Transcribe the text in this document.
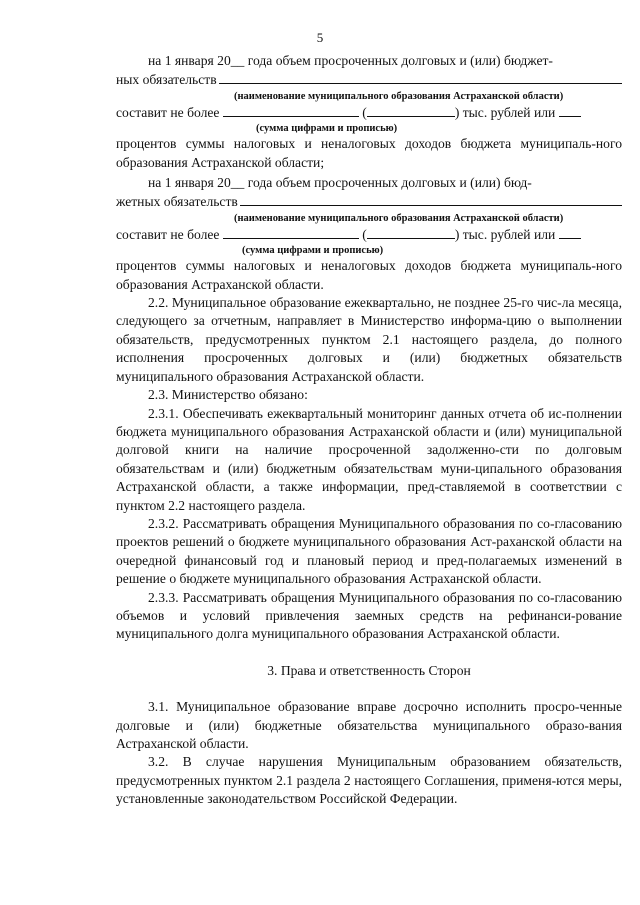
5
на 1 января 20__ года объем просроченных долговых и (или) бюджет-
ных обязательств
(наименование муниципального образования Астраханской области)
составит не более	(	) тыс. рублей или
(сумма цифрами и прописью)

процентов суммы налоговых и неналоговых доходов бюджета муниципаль-ного образования Астраханской области;

на 1 января 20__ года объем просроченных долговых и (или) бюд-
жетных обязательств
(наименование муниципального образования Астраханской области)
составит не более	(	) тыс. рублей или
(сумма цифрами и прописью)

процентов суммы налоговых и неналоговых доходов бюджета муниципаль-ного образования Астраханской области.

2.2. Муниципальное образование ежеквартально, не позднее 25-го чис-ла месяца, следующего за отчетным, направляет в Министерство информа-цию о выполнении обязательств, предусмотренных пунктом 2.1 настоящего раздела, до полного исполнения просроченных долговых и (или) бюджетных обязательств муниципального образования Астраханской области.

2.3. Министерство обязано:

2.3.1. Обеспечивать ежеквартальный мониторинг данных отчета об ис-полнении бюджета муниципального образования Астраханской области и (или) муниципальной долговой книги на наличие просроченной задолженно-сти по долговым обязательствам и (или) бюджетным обязательствам муни-ципального образования Астраханской области, а также информации, пред-ставляемой в соответствии с пунктом 2.2 настоящего раздела.

2.3.2. Рассматривать обращения Муниципального образования по со-гласованию проектов решений о бюджете муниципального образования Аст-раханской области на очередной финансовый год и плановый период и пред-полагаемых изменений в решение о бюджете муниципального образования Астраханской области.

2.3.3. Рассматривать обращения Муниципального образования по со-гласованию объемов и условий привлечения заемных средств на рефинанси-рование муниципального долга муниципального образования Астраханской области.

3. Права и ответственность Сторон

3.1. Муниципальное образование вправе досрочно исполнить просро-ченные долговые и (или) бюджетные обязательства муниципального образо-вания Астраханской области.

3.2. В случае нарушения Муниципальным образованием обязательств, предусмотренных пунктом 2.1 раздела 2 настоящего Соглашения, применя-ются меры, установленные законодательством Российской Федерации.
